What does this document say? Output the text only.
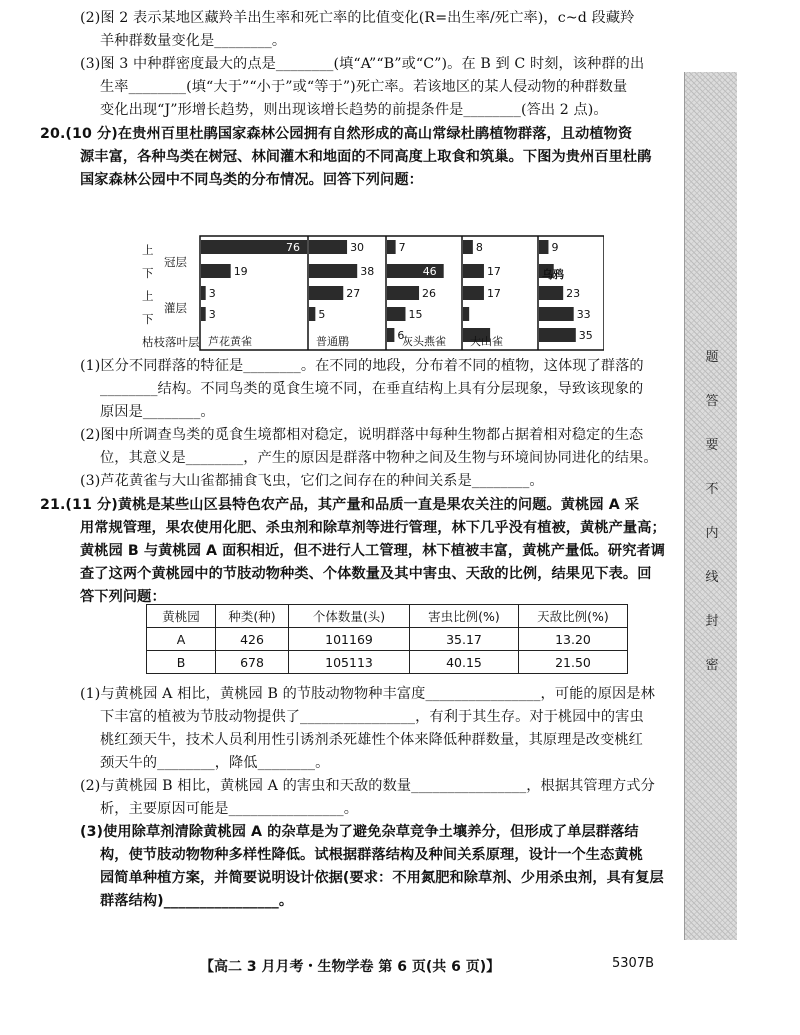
(2)图 2 表示某地区藏羚羊出生率和死亡率的比值变化(R=出生率/死亡率)，c~d 段藏羚
羊种群数量变化是________。
(3)图 3 中种群密度最大的点是________(填“A”“B”或“C”)。在 B 到 C 时刻，该种群的出
生率________(填“大于”“小于”或“等于”)死亡率。若该地区的某人侵动物的种群数量
变化出现“J”形增长趋势，则出现该增长趋势的前提条件是________(答出 2 点)。
20.(10 分)在贵州百里杜鹃国家森林公园拥有自然形成的高山常绿杜鹃植物群落，且动植物资
源丰富，各种鸟类在树冠、林间灌木和地面的不同高度上取食和筑巢。下图为贵州百里杜鹃
国家森林公园中不同鸟类的分布情况。回答下列问题：
上
下
冠层
上
下
灌层
枯枝落叶层
76
19
3
3
芦花黄雀
30
38
27
5
普通鹛
7
46
26
15
6
灰头燕雀
8
17
17
大山雀
9
23
33
35
乌鸦
(1)区分不同群落的特征是________。在不同的地段，分布着不同的植物，这体现了群落的
________结构。不同鸟类的觅食生境不同，在垂直结构上具有分层现象，导致该现象的
原因是________。
(2)图中所调查鸟类的觅食生境都相对稳定，说明群落中每种生物都占据着相对稳定的生态
位，其意义是________，产生的原因是群落中物种之间及生物与环境间协同进化的结果。
(3)芦花黄雀与大山雀都捕食飞虫，它们之间存在的种间关系是________。
21.(11 分)黄桃是某些山区县特色农产品，其产量和品质一直是果农关注的问题。黄桃园 A 采
用常规管理，果农使用化肥、杀虫剂和除草剂等进行管理，林下几乎没有植被，黄桃产量高；
黄桃园 B 与黄桃园 A 面积相近，但不进行人工管理，林下植被丰富，黄桃产量低。研究者调
查了这两个黄桃园中的节肢动物种类、个体数量及其中害虫、天敌的比例，结果见下表。回
答下列问题：
黄桃园	种类(种)	个体数量(头)	害虫比例(%)	天敌比例(%)
A	426	101169	35.17	13.20
B	678	105113	40.15	21.50
(1)与黄桃园 A 相比，黄桃园 B 的节肢动物物种丰富度________________，可能的原因是林
下丰富的植被为节肢动物提供了________________，有利于其生存。对于桃园中的害虫
桃红颈天牛，技术人员利用性引诱剂杀死雄性个体来降低种群数量，其原理是改变桃红
颈天牛的________，降低________。
(2)与黄桃园 B 相比，黄桃园 A 的害虫和天敌的数量________________，根据其管理方式分
析，主要原因可能是________________。
(3)使用除草剂清除黄桃园 A 的杂草是为了避免杂草竞争土壤养分，但形成了单层群落结
构，使节肢动物物种多样性降低。试根据群落结构及种间关系原理，设计一个生态黄桃
园简单种植方案，并简要说明设计依据(要求：不用氮肥和除草剂、少用杀虫剂，具有复层
群落结构)________________。
题
答
要
不
内
线
封
密
【高二 3 月月考・生物学卷 第 6 页(共 6 页)】	5307B
